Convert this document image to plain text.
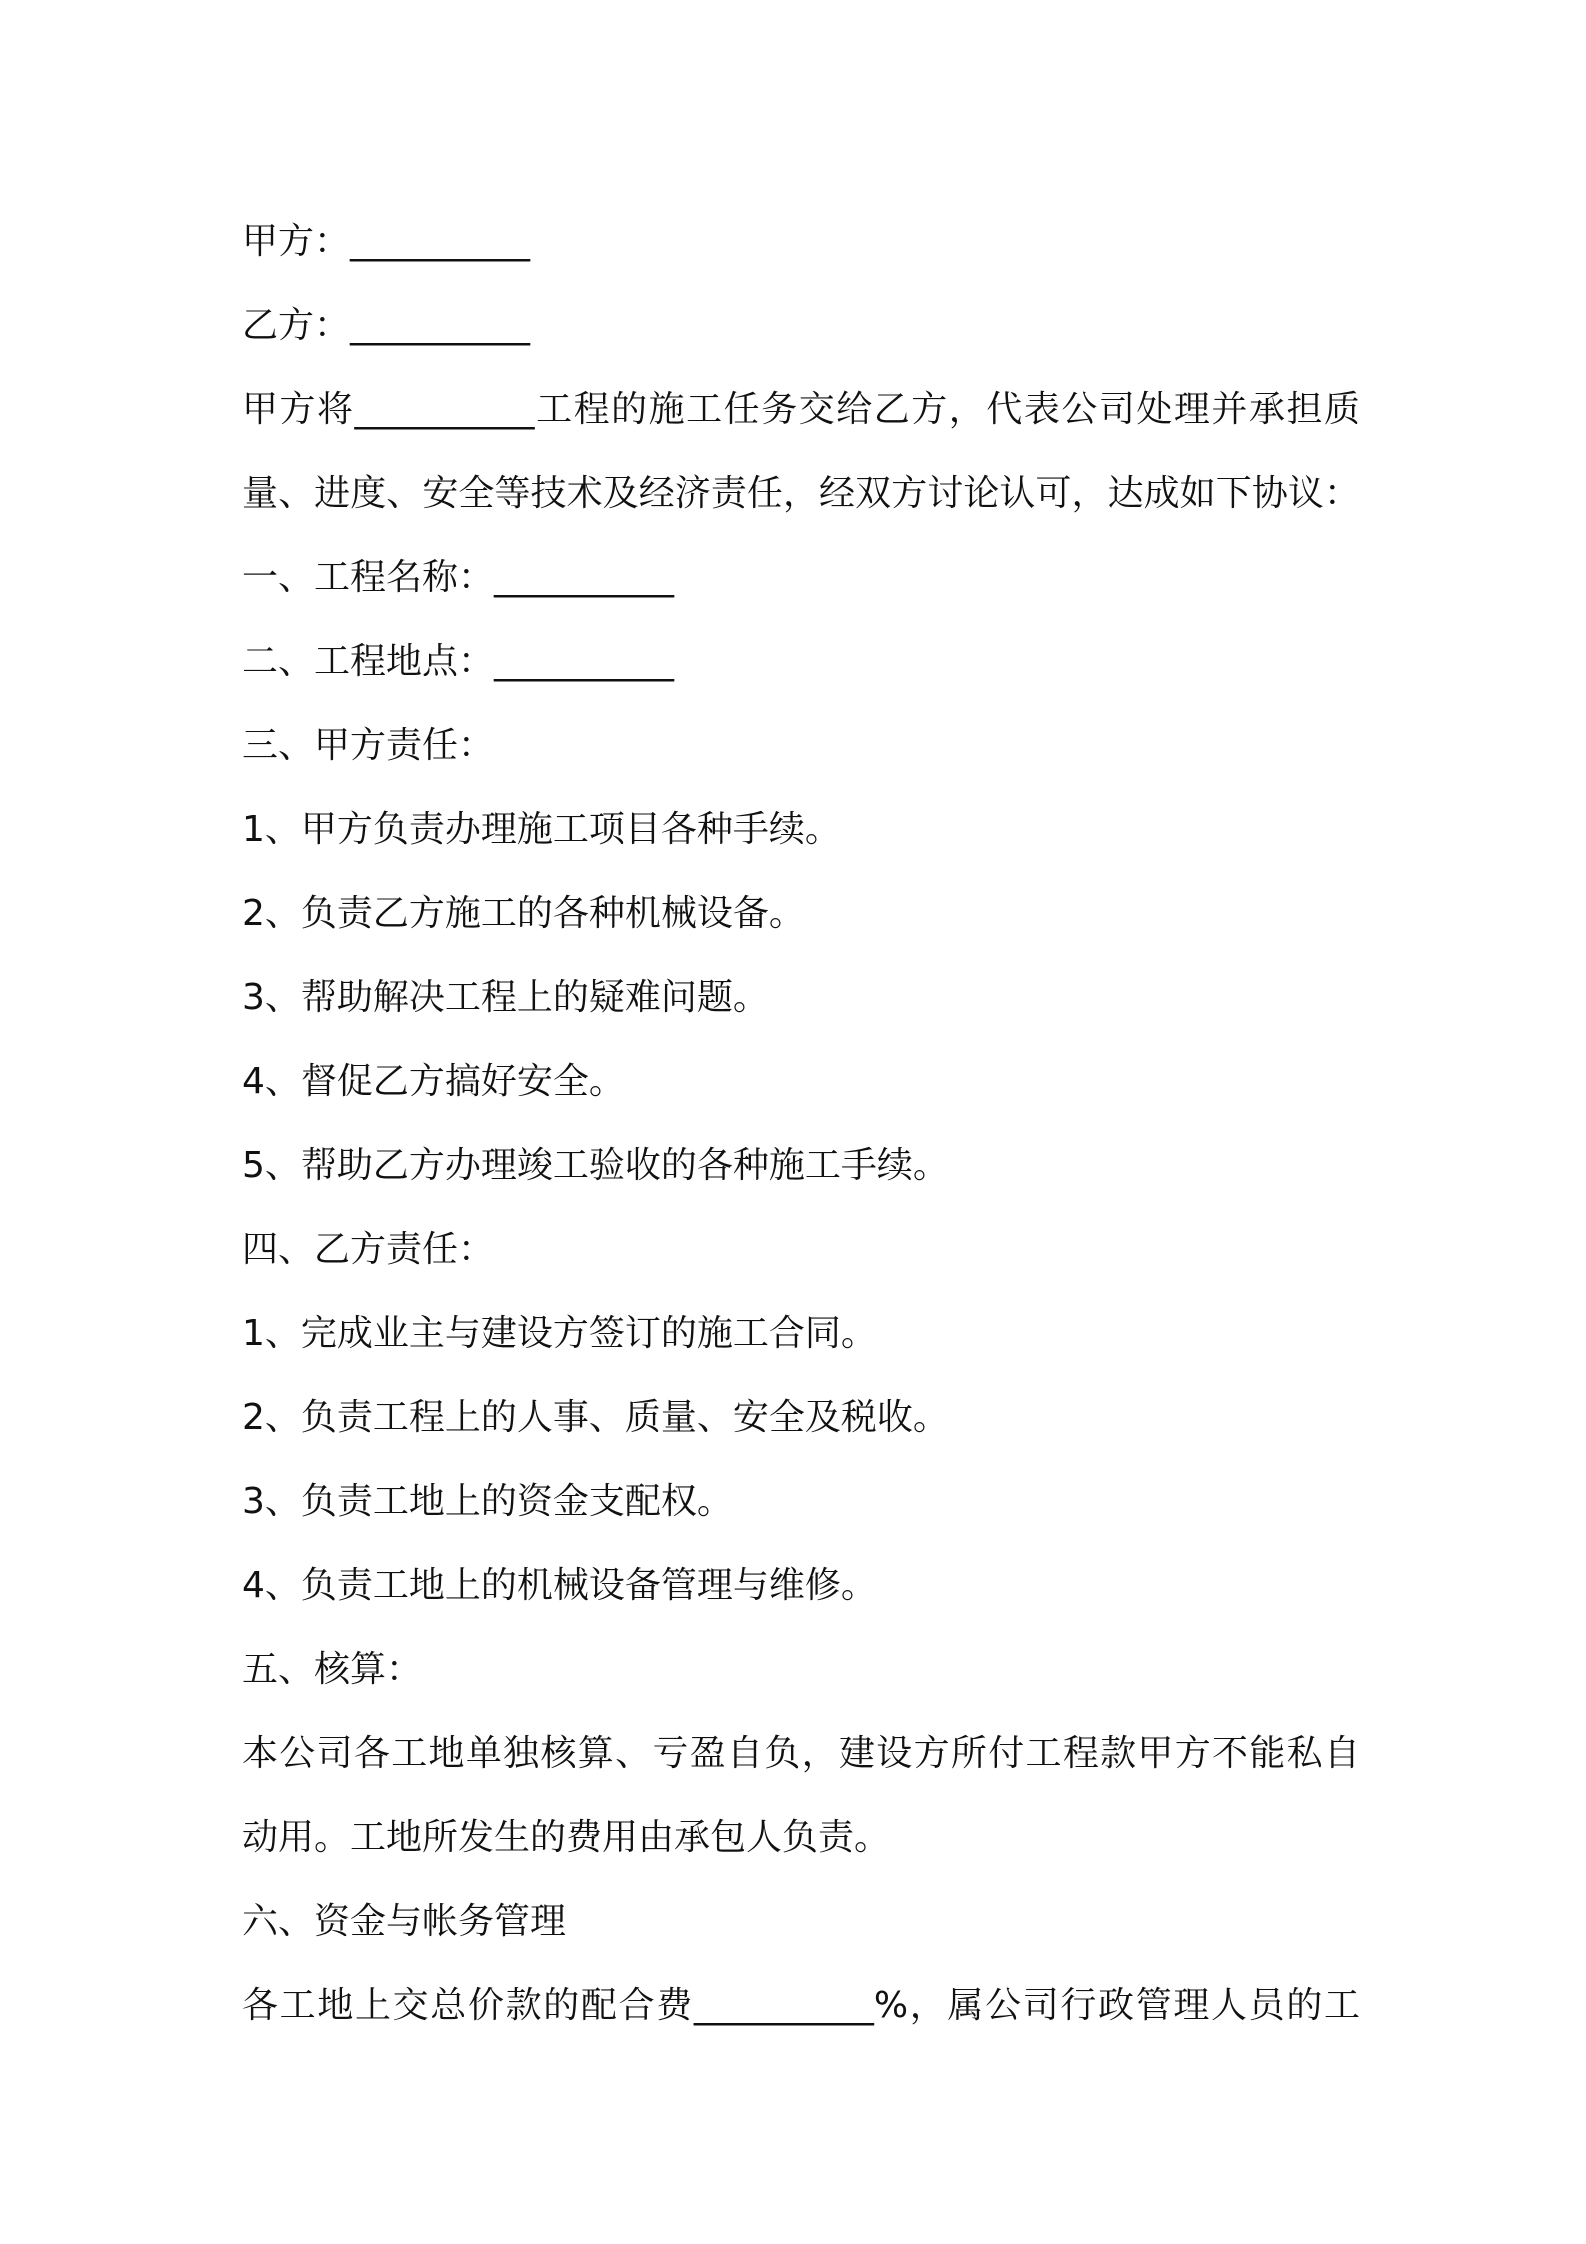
甲方：__________
乙方：__________
甲方将__________工程的施工任务交给乙方，代表公司处理并承担质
量、进度、安全等技术及经济责任，经双方讨论认可，达成如下协议：
一、工程名称：__________
二、工程地点：__________
三、甲方责任：
1、甲方负责办理施工项目各种手续。
2、负责乙方施工的各种机械设备。
3、帮助解决工程上的疑难问题。
4、督促乙方搞好安全。
5、帮助乙方办理竣工验收的各种施工手续。
四、乙方责任：
1、完成业主与建设方签订的施工合同。
2、负责工程上的人事、质量、安全及税收。
3、负责工地上的资金支配权。
4、负责工地上的机械设备管理与维修。
五、核算：
本公司各工地单独核算、亏盈自负，建设方所付工程款甲方不能私自
动用。工地所发生的费用由承包人负责。
六、资金与帐务管理
各工地上交总价款的配合费__________%，属公司行政管理人员的工
